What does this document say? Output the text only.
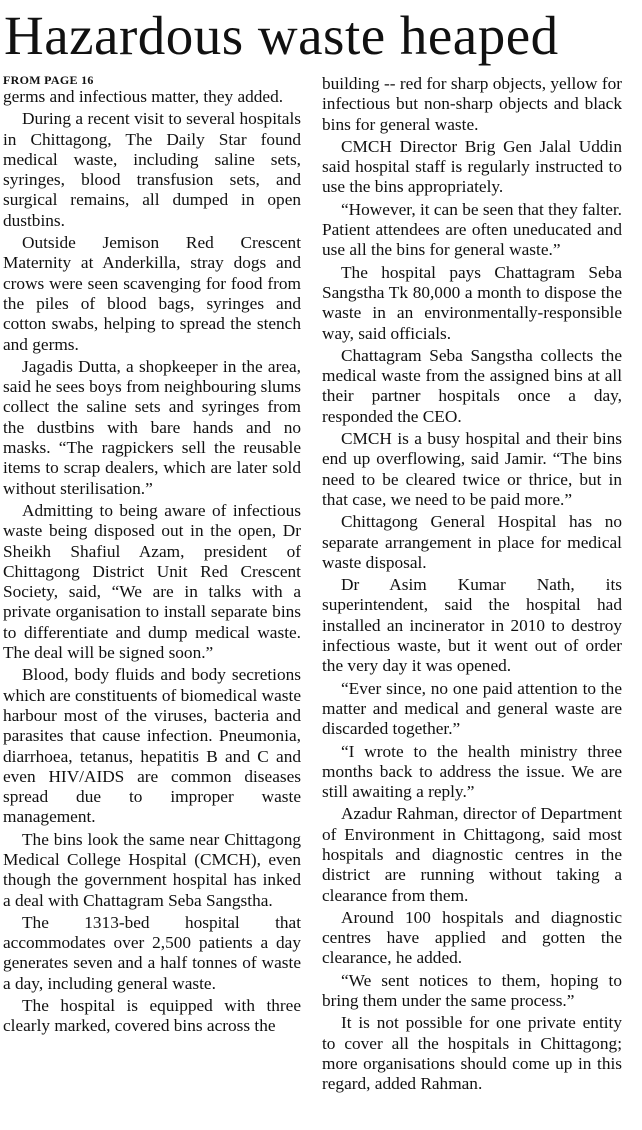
Hazardous waste heaped
FROM PAGE 16

germs and infectious matter, they added.

During a recent visit to several hospitals in Chittagong, The Daily Star found medical waste, including saline sets, syringes, blood transfusion sets, and surgical remains, all dumped in open dustbins.

Outside Jemison Red Crescent Maternity at Anderkilla, stray dogs and crows were seen scavenging for food from the piles of blood bags, syringes and cotton swabs, helping to spread the stench and germs.

Jagadis Dutta, a shopkeeper in the area, said he sees boys from neighbouring slums collect the saline sets and syringes from the dustbins with bare hands and no masks. “The ragpickers sell the reusable items to scrap dealers, which are later sold without sterilisation.”

Admitting to being aware of infectious waste being disposed out in the open, Dr Sheikh Shafiul Azam, president of Chittagong District Unit Red Crescent Society, said, “We are in talks with a private organisation to install separate bins to differentiate and dump medical waste. The deal will be signed soon.”

Blood, body fluids and body secretions which are constituents of biomedical waste harbour most of the viruses, bacteria and parasites that cause infection. Pneumonia, diarrhoea, tetanus, hepatitis B and C and even HIV/AIDS are common diseases spread due to improper waste management.

The bins look the same near Chittagong Medical College Hospital (CMCH), even though the government hospital has inked a deal with Chattagram Seba Sangstha.

The 1313-bed hospital that accommodates over 2,500 patients a day generates seven and a half tonnes of waste a day, including general waste.

The hospital is equipped with three clearly marked, covered bins across the

building -- red for sharp objects, yellow for infectious but non-sharp objects and black bins for general waste.

CMCH Director Brig Gen Jalal Uddin said hospital staff is regularly instructed to use the bins appropriately.

“However, it can be seen that they falter. Patient attendees are often uneducated and use all the bins for general waste.”

The hospital pays Chattagram Seba Sangstha Tk 80,000 a month to dispose the waste in an environmentally-responsible way, said officials.

Chattagram Seba Sangstha collects the medical waste from the assigned bins at all their partner hospitals once a day, responded the CEO.

CMCH is a busy hospital and their bins end up overflowing, said Jamir. “The bins need to be cleared twice or thrice, but in that case, we need to be paid more.”

Chittagong General Hospital has no separate arrangement in place for medical waste disposal.

Dr Asim Kumar Nath, its superintendent, said the hospital had installed an incinerator in 2010 to destroy infectious waste, but it went out of order the very day it was opened.

“Ever since, no one paid attention to the matter and medical and general waste are discarded together.”

“I wrote to the health ministry three months back to address the issue. We are still awaiting a reply.”

Azadur Rahman, director of Department of Environment in Chittagong, said most hospitals and diagnostic centres in the district are running without taking a clearance from them.

Around 100 hospitals and diagnostic centres have applied and gotten the clearance, he added.

“We sent notices to them, hoping to bring them under the same process.”

It is not possible for one private entity to cover all the hospitals in Chittagong; more organisations should come up in this regard, added Rahman.
